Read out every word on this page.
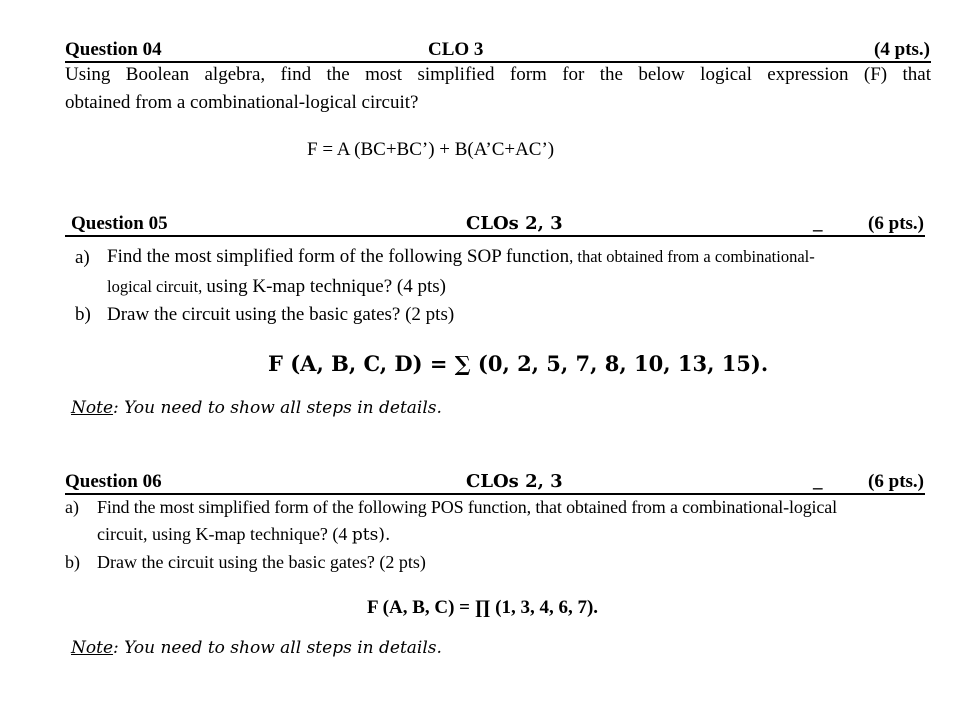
Question 04	CLO 3	(4 pts.)
Using Boolean algebra, find the most simplified form for the below logical expression (F) that
obtained from a combinational-logical circuit?
F = A (BC+BC’) + B(A’C+AC’)
Question 05	CLOs 2, 3	_ (6 pts.)
a) Find the most simplified form of the following SOP function, that obtained from a combinational-
logical circuit, using K-map technique? (4 pts)
b) Draw the circuit using the basic gates? (2 pts)
F (A, B, C, D) = ∑ (0, 2, 5, 7, 8, 10, 13, 15).
Note: You need to show all steps in details.
Question 06	CLOs 2, 3	_ (6 pts.)
a) Find the most simplified form of the following POS function, that obtained from a combinational-logical
circuit, using K-map technique? (4 pts).
b) Draw the circuit using the basic gates? (2 pts)
F (A, B, C) = ∏ (1, 3, 4, 6, 7).
Note: You need to show all steps in details.
